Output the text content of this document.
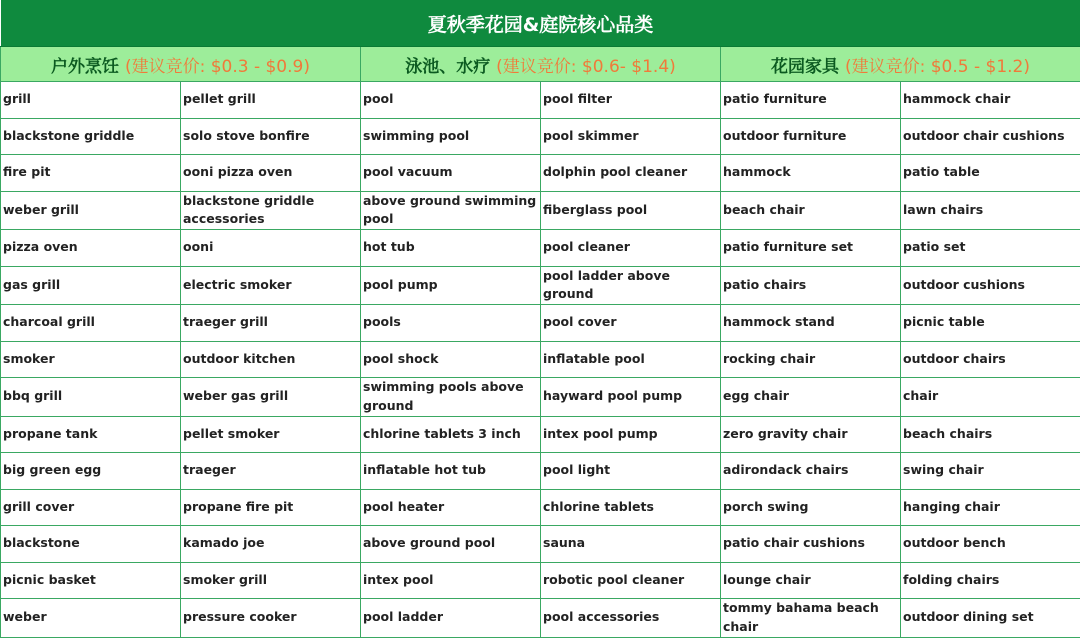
夏秋季花园&庭院核心品类					
户外烹饪 (建议竞价: $0.3 - $0.9)		泳池、水疗 (建议竞价: $0.6- $1.4)		花园家具 (建议竞价: $0.5 - $1.2)	
grill	pellet grill	pool	pool filter	patio furniture	hammock chair
blackstone griddle	solo stove bonfire	swimming pool	pool skimmer	outdoor furniture	outdoor chair cushions
fire pit	ooni pizza oven	pool vacuum	dolphin pool cleaner	hammock	patio table
weber grill	blackstone griddle accessories	above ground swimming pool	fiberglass pool	beach chair	lawn chairs
pizza oven	ooni	hot tub	pool cleaner	patio furniture set	patio set
gas grill	electric smoker	pool pump	pool ladder above ground	patio chairs	outdoor cushions
charcoal grill	traeger grill	pools	pool cover	hammock stand	picnic table
smoker	outdoor kitchen	pool shock	inflatable pool	rocking chair	outdoor chairs
bbq grill	weber gas grill	swimming pools above ground	hayward pool pump	egg chair	chair
propane tank	pellet smoker	chlorine tablets 3 inch	intex pool pump	zero gravity chair	beach chairs
big green egg	traeger	inflatable hot tub	pool light	adirondack chairs	swing chair
grill cover	propane fire pit	pool heater	chlorine tablets	porch swing	hanging chair
blackstone	kamado joe	above ground pool	sauna	patio chair cushions	outdoor bench
picnic basket	smoker grill	intex pool	robotic pool cleaner	lounge chair	folding chairs
weber	pressure cooker	pool ladder	pool accessories	tommy bahama beach chair	outdoor dining set
